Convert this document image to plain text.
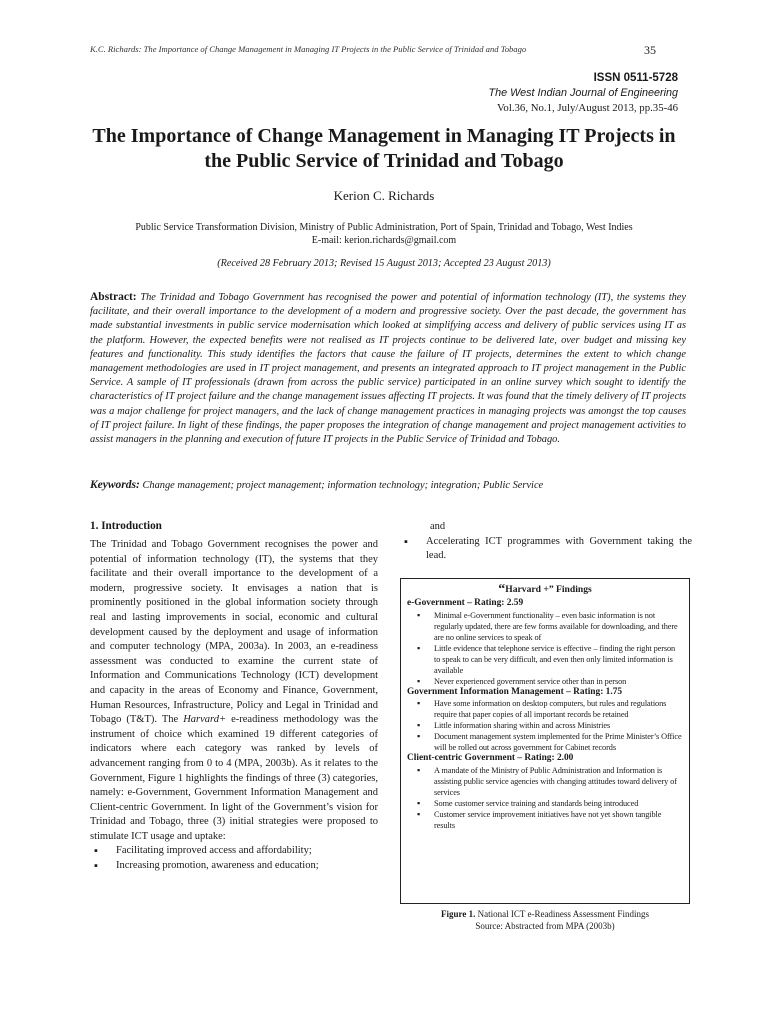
K.C. Richards: The Importance of Change Management in Managing IT Projects in the Public Service of Trinidad and Tobago	35
ISSN 0511-5728
The West Indian Journal of Engineering
Vol.36, No.1, July/August 2013, pp.35-46
The Importance of Change Management in Managing IT Projects in the Public Service of Trinidad and Tobago
Kerion C. Richards
Public Service Transformation Division, Ministry of Public Administration, Port of Spain, Trinidad and Tobago, West Indies
E-mail: kerion.richards@gmail.com
(Received 28 February 2013; Revised 15 August 2013; Accepted 23 August 2013)
Abstract: The Trinidad and Tobago Government has recognised the power and potential of information technology (IT), the systems they facilitate, and their overall importance to the development of a modern and progressive society. Over the past decade, the government has made substantial investments in public service modernisation which looked at simplifying access and delivery of public services using IT as the platform. However, the expected benefits were not realised as IT projects continue to be delivered late, over budget and missing key features and functionality. This study identifies the factors that cause the failure of IT projects, determines the extent to which change management methodologies are used in IT project management, and presents an integrated approach to IT project management in the Public Service. A sample of IT professionals (drawn from across the public service) participated in an online survey which sought to identify the characteristics of IT project failure and the change management issues affecting IT projects. It was found that the timely delivery of IT projects was a major challenge for project managers, and the lack of change management practices in managing projects was amongst the top causes of IT project failure. In light of these findings, the paper proposes the integration of change management and project management activities to assist managers in the planning and execution of future IT projects in the Public Service of Trinidad and Tobago.
Keywords: Change management; project management; information technology; integration; Public Service
1. Introduction

The Trinidad and Tobago Government recognises the power and potential of information technology (IT), the systems that they facilitate and their overall importance to the development of a modern, progressive society. It envisages a nation that is prominently positioned in the global information society through real and lasting improvements in social, economic and cultural development caused by the deployment and usage of information and computer technology (MPA, 2003a). In 2003, an e-readiness assessment was conducted to examine the current state of Information and Communications Technology (ICT) development and capacity in the areas of Economy and Finance, Government, Human Resources, Infrastructure, Policy and Legal in Trinidad and Tobago (T&T). The Harvard+ e-readiness methodology was the instrument of choice which examined 19 different categories of indicators where each category was ranked by levels of advancement ranging from 0 to 4 (MPA, 2003b). As it relates to the Government, Figure 1 highlights the findings of three (3) categories, namely: e-Government, Government Information Management and Client-centric Government. In light of the Government’s vision for Trinidad and Tobago, three (3) initial strategies were proposed to stimulate ICT usage and uptake:

▪ Facilitating improved access and affordability;
▪ Increasing promotion, awareness and education;
and
▪ Accelerating ICT programmes with Government taking the lead.
“Harvard +” Findings
e-Government – Rating: 2.59
▪ Minimal e-Government functionality – even basic information is not regularly updated, there are few forms available for downloading, and there are no online services to speak of
▪ Little evidence that telephone service is effective – finding the right person to speak to can be very difficult, and even then only limited information is available
▪ Never experienced government service other than in person
Government Information Management – Rating: 1.75
▪ Have some information on desktop computers, but rules and regulations require that paper copies of all important records be retained
▪ Little information sharing within and across Ministries
▪ Document management system implemented for the Prime Minister’s Office will be rolled out across government for Cabinet records
Client-centric Government – Rating: 2.00
▪ A mandate of the Ministry of Public Administration and Information is assisting public service agencies with changing attitudes toward delivery of services
▪ Some customer service training and standards being introduced
▪ Customer service improvement initiatives have not yet shown tangible results
Figure 1. National ICT e-Readiness Assessment Findings
Source: Abstracted from MPA (2003b)
